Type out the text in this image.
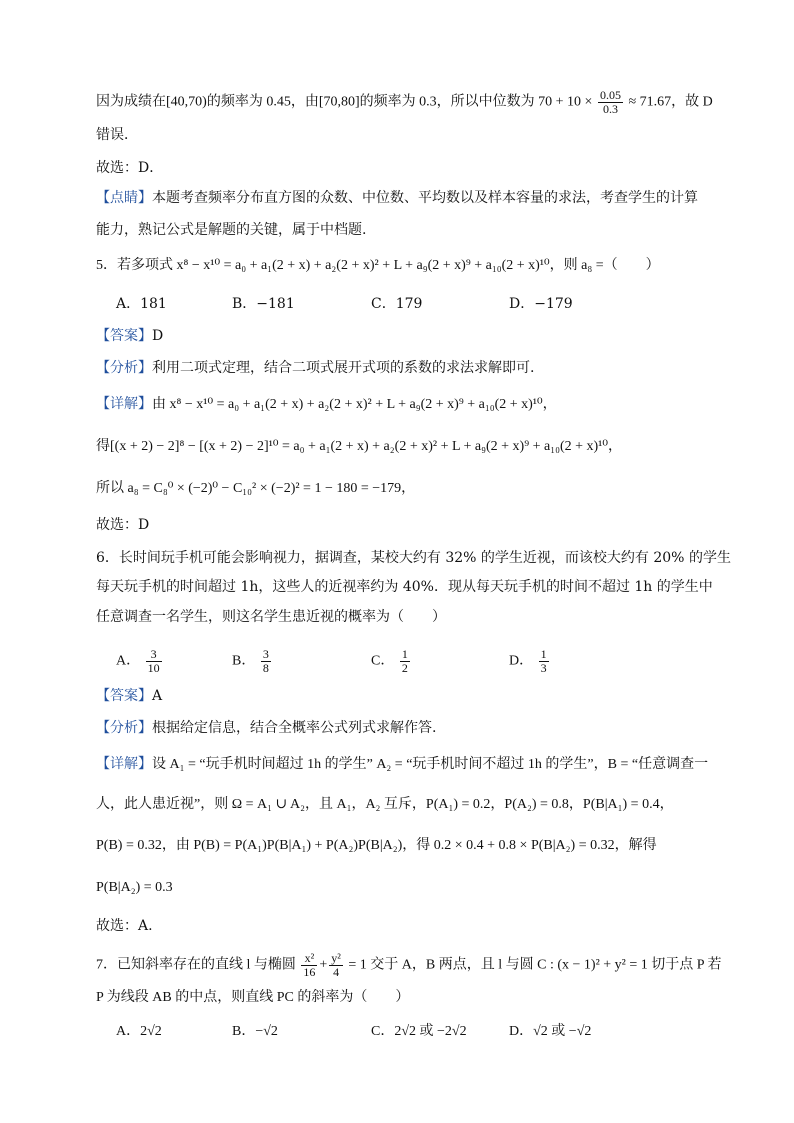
因为成绩在[40,70)的频率为 0.45，由[70,80]的频率为 0.3，所以中位数为 $70 + 10 \times \frac{0.05}{0.3} \approx 71.67$，故 D
错误．
故选：D．
【点睛】本题考查频率分布直方图的众数、中位数、平均数以及样本容量的求法，考查学生的计算
能力，熟记公式是解题的关键，属于中档题.
5．若多项式 x⁸ − x¹⁰ = a₀ + a₁(2 + x) + a₂(2 + x)² + L + a₉(2 + x)⁹ + a₁₀(2 + x)¹⁰，则 a₈ =（　　）
A．181	B．−181	C．179	D．−179
【答案】D
【分析】利用二项式定理，结合二项式展开式项的系数的求法求解即可.
【详解】由 x⁸ − x¹⁰ = a₀ + a₁(2 + x) + a₂(2 + x)² + L + a₉(2 + x)⁹ + a₁₀(2 + x)¹⁰，
得[(x + 2) − 2]⁸ − [(x + 2) − 2]¹⁰ = a₀ + a₁(2 + x) + a₂(2 + x)² + L + a₉(2 + x)⁹ + a₁₀(2 + x)¹⁰，
所以 a₈ = C₈⁰ × (−2)⁰ − C₁₀² × (−2)² = 1 − 180 = −179，
故选：D
6．长时间玩手机可能会影响视力，据调查，某校大约有 32% 的学生近视，而该校大约有 20% 的学生
每天玩手机的时间超过 1h，这些人的近视率约为 40%．现从每天玩手机的时间不超过 1h 的学生中
任意调查一名学生，则这名学生患近视的概率为（　　）
A． $\frac{3}{10}$	B． $\frac{3}{8}$	C． $\frac{1}{2}$	D． $\frac{1}{3}$
【答案】A
【分析】根据给定信息，结合全概率公式列式求解作答.
【详解】设 A₁ = “玩手机时间超过 1h 的学生” A₂ = “玩手机时间不超过 1h 的学生”，B = “任意调查一
人，此人患近视”，则 Ω = A₁ ∪ A₂，且 A₁，A₂ 互斥，P(A₁) = 0.2，P(A₂) = 0.8，P(B|A₁) = 0.4，
P(B) = 0.32，由 P(B) = P(A₁)P(B|A₁) + P(A₂)P(B|A₂)，得 0.2 × 0.4 + 0.8 × P(B|A₂) = 0.32，解得
P(B|A₂) = 0.3
故选：A.
7．已知斜率存在的直线 l 与椭圆 $\frac{\text{x²}}{16} + \frac{\text{y²}}{4} = 1$ 交于 A，B 两点，且 l 与圆 C : (x − 1)² + y² = 1 切于点 P 若
P 为线段 AB 的中点，则直线 PC 的斜率为（　　）
A．2√2	B．−√2	C．2√2 或 −2√2	D．√2 或 −√2
